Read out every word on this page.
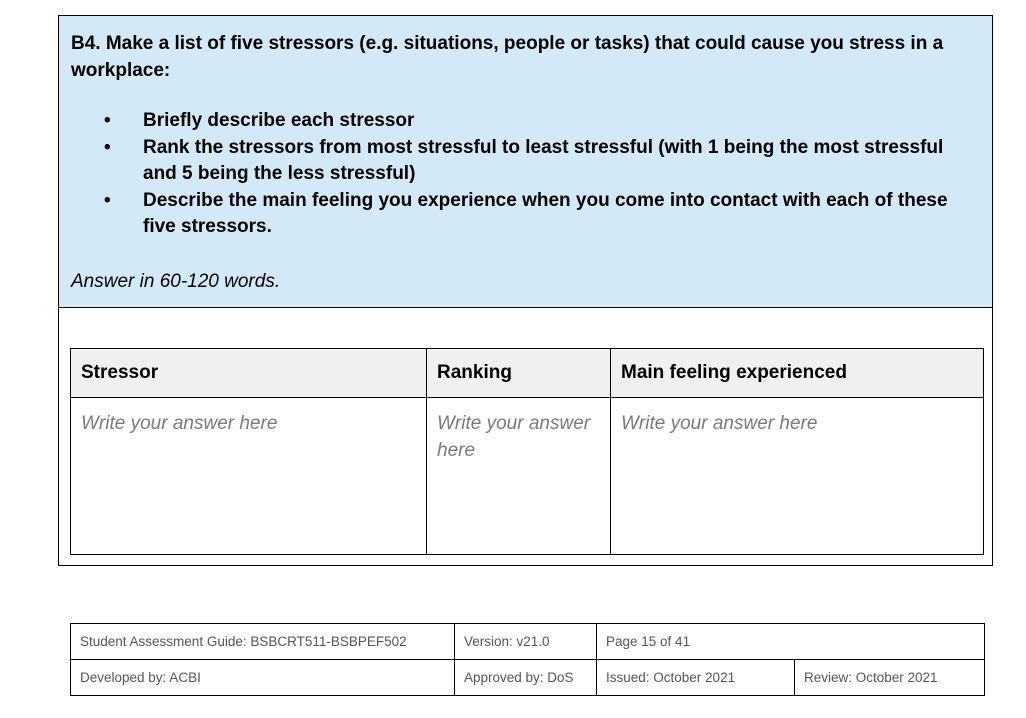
B4. Make a list of five stressors (e.g. situations, people or tasks) that could cause you stress in a workplace:
• Briefly describe each stressor
• Rank the stressors from most stressful to least stressful (with 1 being the most stressful and 5 being the less stressful)
• Describe the main feeling you experience when you come into contact with each of these five stressors.
Answer in 60-120 words.
Stressor	Ranking	Main feeling experienced
Write your answer here	Write your answer here	Write your answer here
Student Assessment Guide: BSBCRT511-BSBPEF502	Version: v21.0	Page 15 of 41	
Developed by: ACBI	Approved by: DoS	Issued: October 2021	Review: October 2021
